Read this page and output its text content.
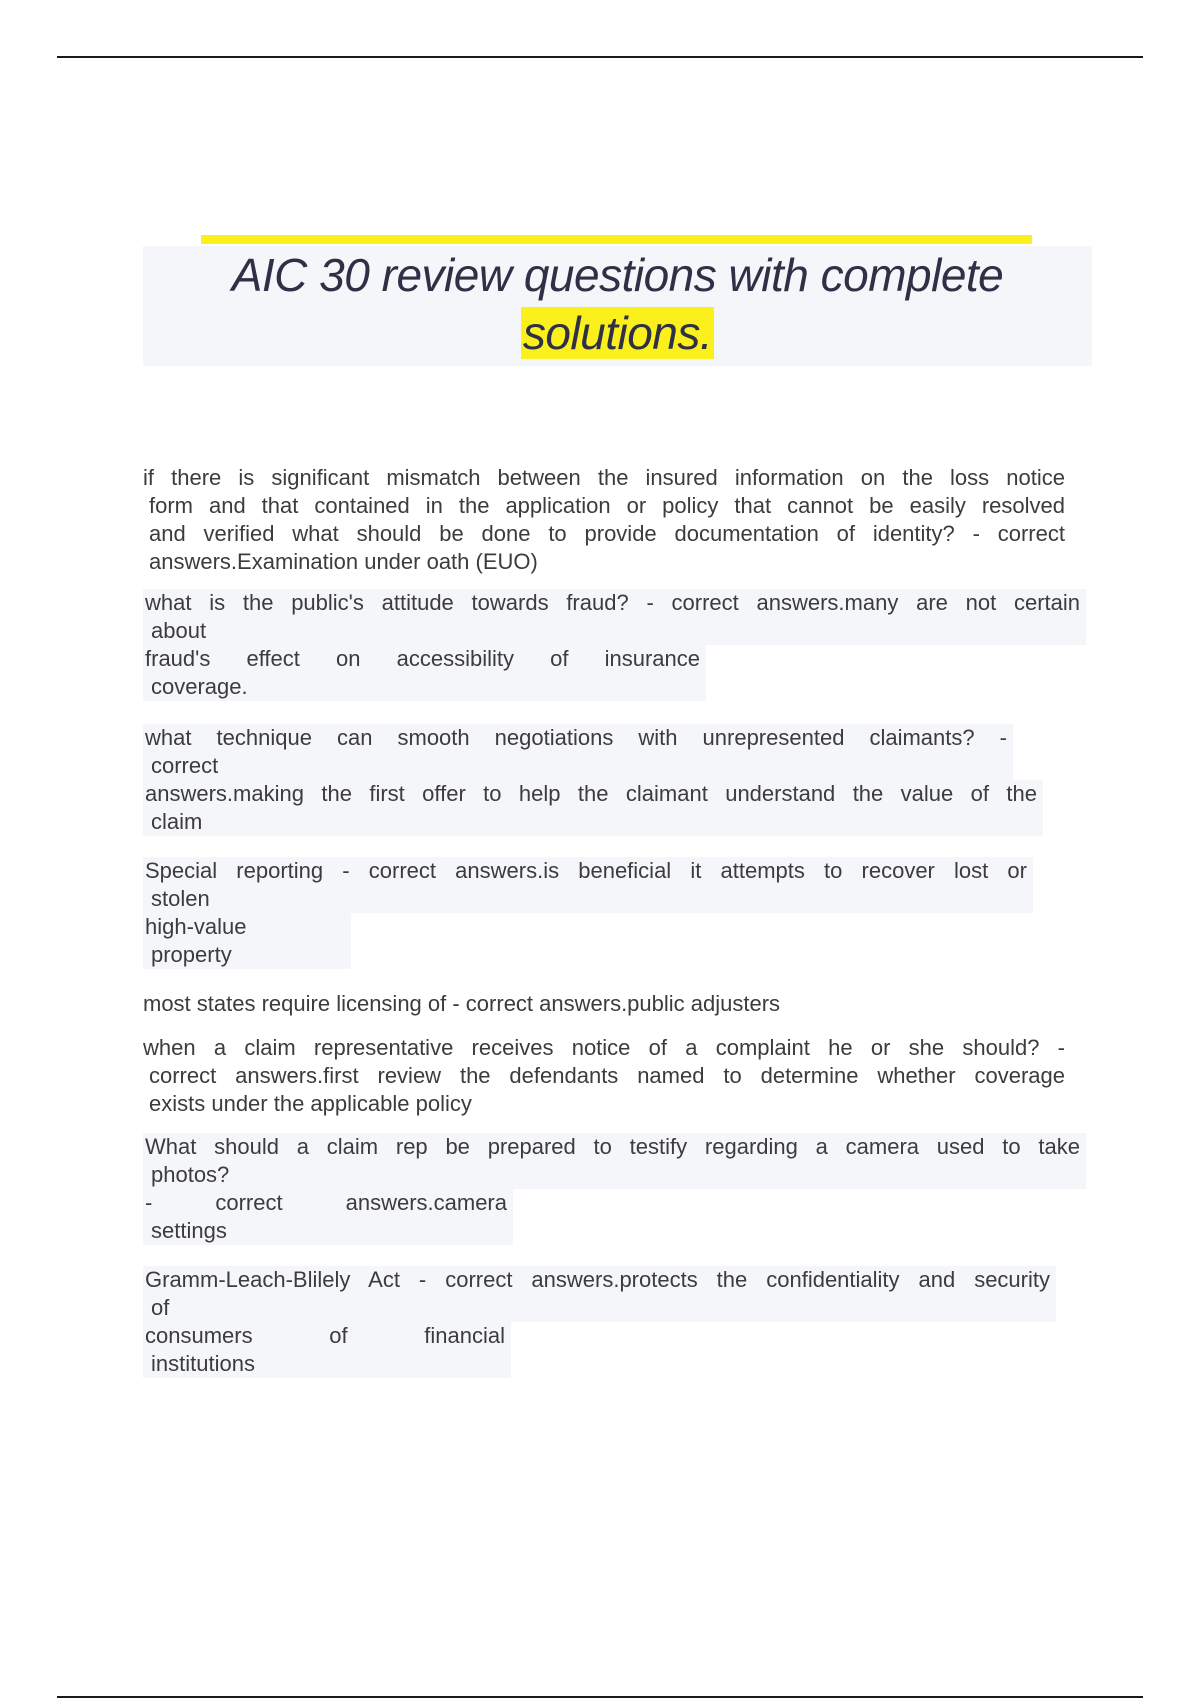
AIC 30 review questions with complete
solutions.
if there is significant mismatch between the insured information on the loss notice
form and that contained in the application or policy that cannot be easily resolved
and verified what should be done to provide documentation of identity? - correct
answers.Examination under oath (EUO)
what is the public's attitude towards fraud? - correct answers.many are not certain
about
fraud's effect on accessibility of insurance
coverage.
what technique can smooth negotiations with unrepresented claimants? -
correct
answers.making the first offer to help the claimant understand the value of the
claim
Special reporting - correct answers.is beneficial it attempts to recover lost or
stolen
high-value
property
most states require licensing of - correct answers.public adjusters
when a claim representative receives notice of a complaint he or she should? -
correct answers.first review the defendants named to determine whether coverage
exists under the applicable policy
What should a claim rep be prepared to testify regarding a camera used to take
photos?
- correct answers.camera
settings
Gramm-Leach-Blilely Act - correct answers.protects the confidentiality and security
of
consumers of financial
institutions
